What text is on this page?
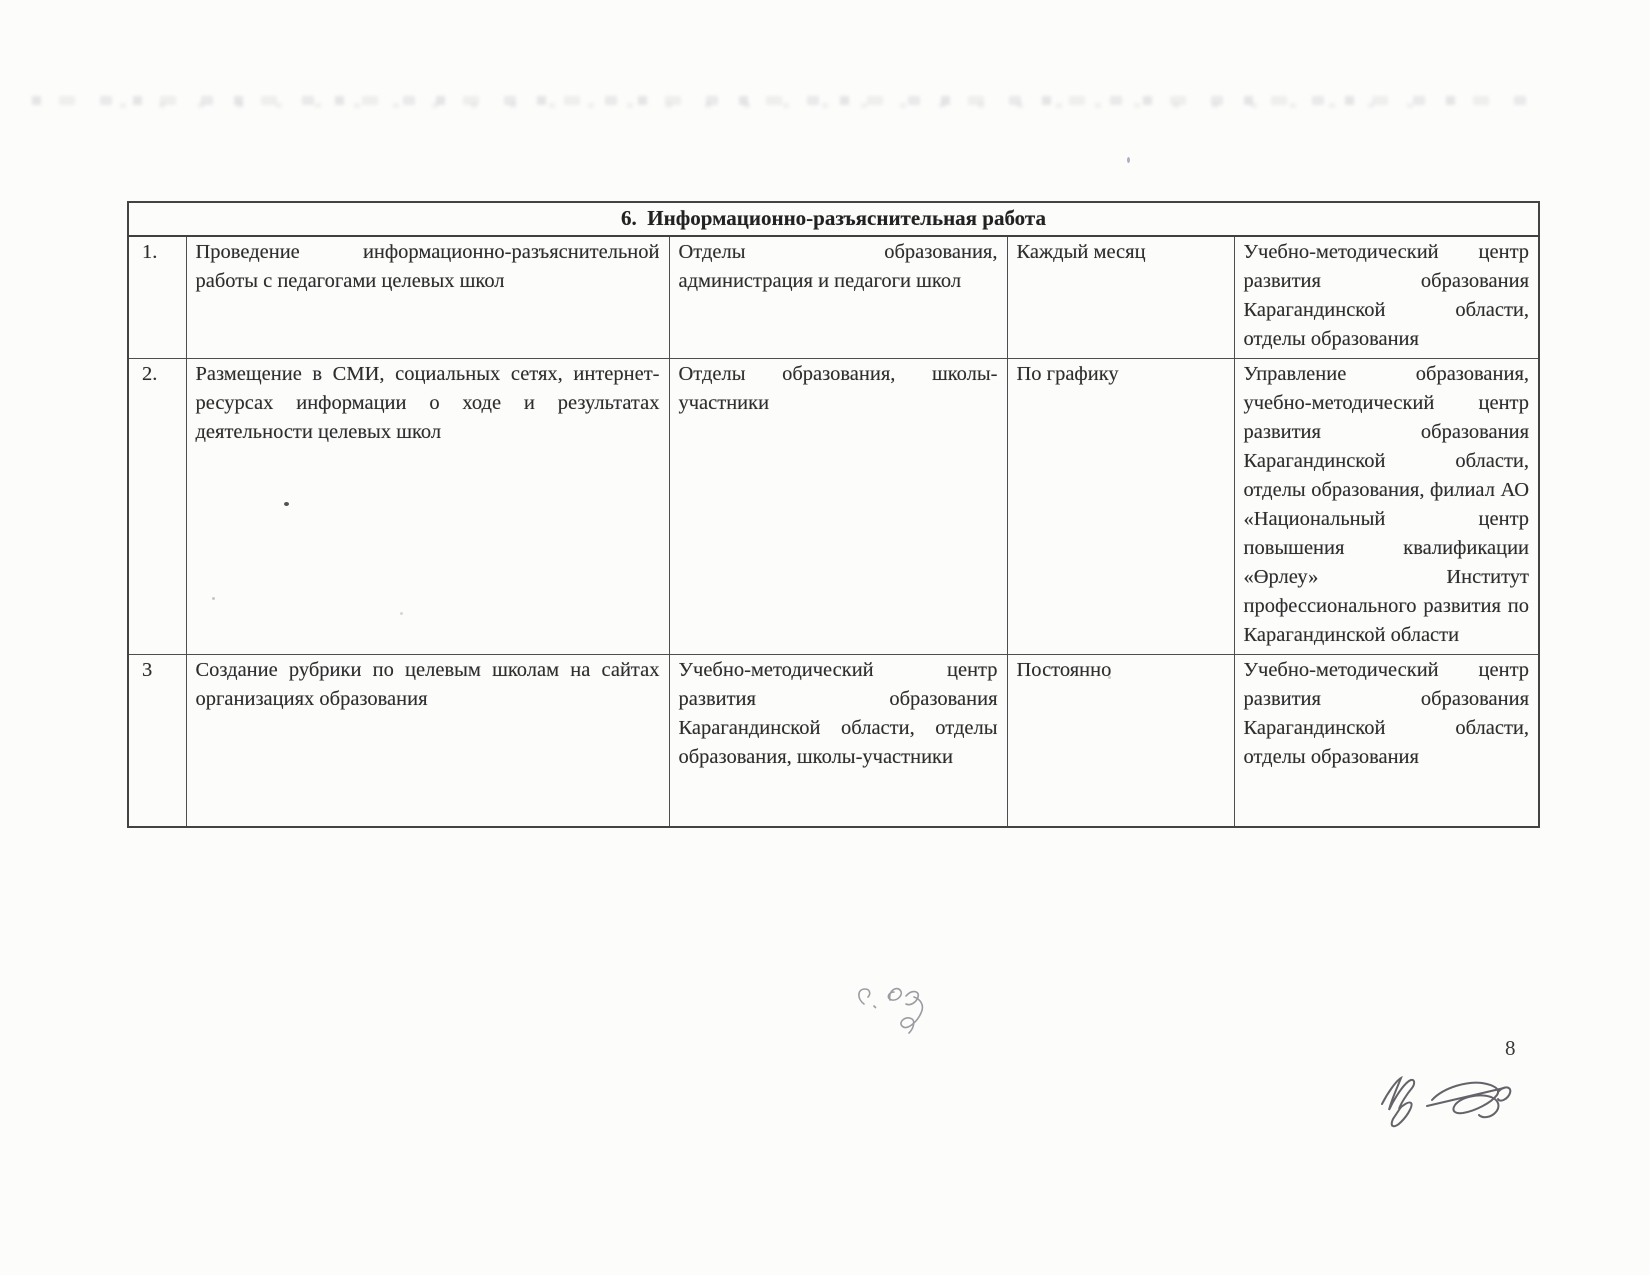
6.  Информационно-разъяснительная работа				
1.	Проведение информационно-разъяснительной работы с педагогами целевых школ	Отделы образования, администрация и педагоги школ	Каждый месяц	Учебно-методический центр развития образования Карагандинской области, отделы образования
2.	Размещение в СМИ, социальных сетях, интернет-ресурсах информации о ходе и результатах деятельности целевых школ	Отделы образования, школы-участники	По графику	Управление образования, учебно-методический центр развития образования Карагандинской области, отделы образования, филиал АО «Национальный центр повышения квалификации «Өрлеу» Институт профессионального развития по Карагандинской области
3	Создание рубрики по целевым школам на сайтах организациях образования	Учебно-методический центр развития образования Карагандинской области, отделы образования, школы-участники	Постоянно	Учебно-методический центр развития образования Карагандинской области, отделы образования
8
